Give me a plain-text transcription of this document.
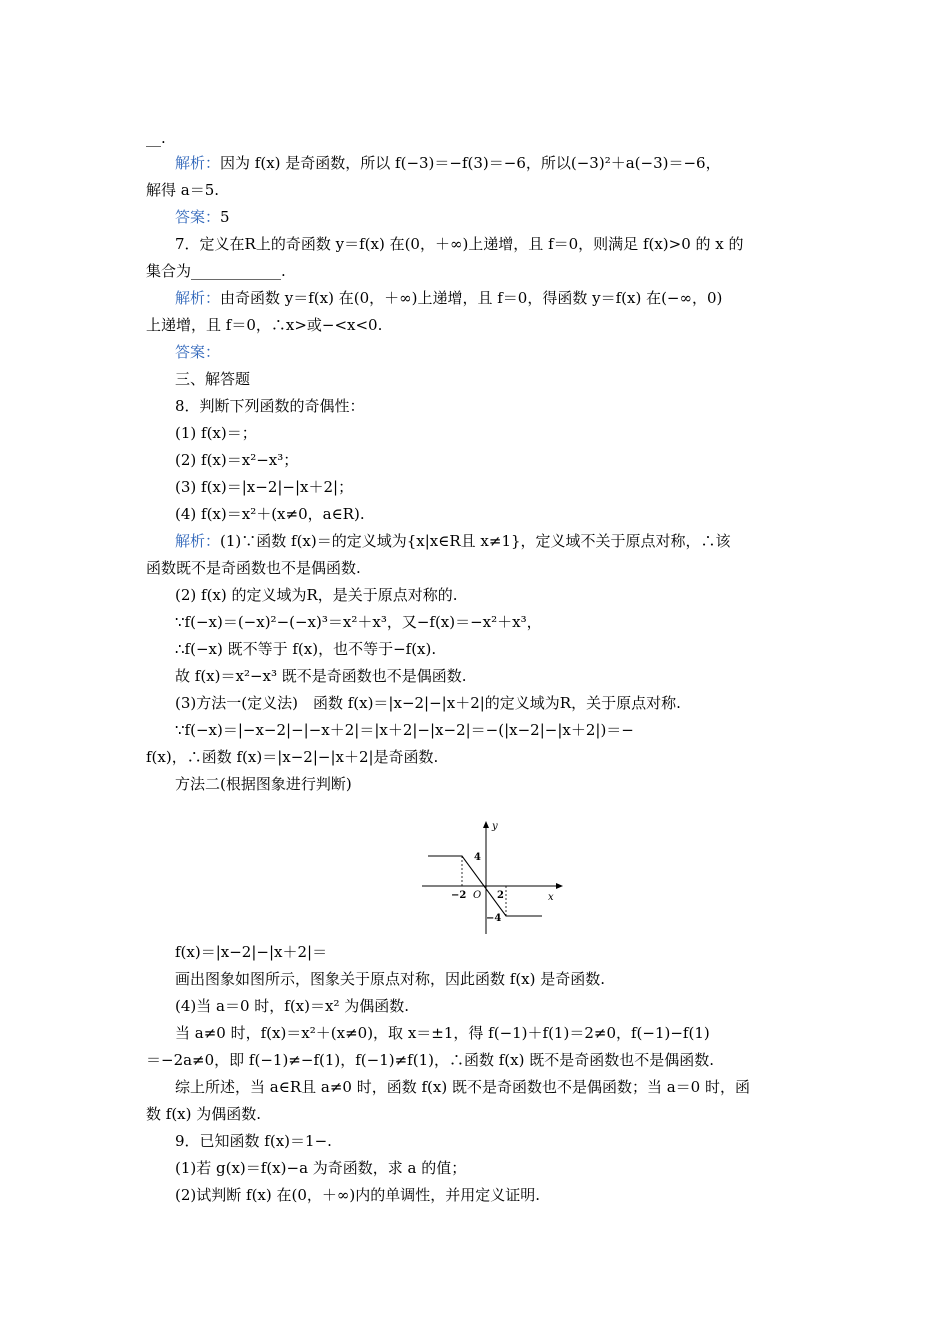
__.
解析：因为 f(x) 是奇函数，所以 f(−3)＝−f(3)＝−6，所以(−3)²＋a(−3)＝−6，
解得 a＝5.
答案：5
7．定义在R上的奇函数 y＝f(x) 在(0，＋∞)上递增，且 f＝0，则满足 f(x)>0 的 x 的
集合为____________.
解析：由奇函数 y＝f(x) 在(0，＋∞)上递增，且 f＝0，得函数 y＝f(x) 在(−∞，0)
上递增，且 f＝0，∴x>或−<x<0.
答案：
三、解答题
8．判断下列函数的奇偶性：
(1) f(x)＝；
(2) f(x)＝x²−x³；
(3) f(x)＝|x−2|−|x＋2|；
(4) f(x)＝x²＋(x≠0，a∈R).
解析：(1)∵函数 f(x)＝的定义域为{x|x∈R且 x≠1}，定义域不关于原点对称，∴该
函数既不是奇函数也不是偶函数.
(2) f(x) 的定义域为R，是关于原点对称的.
∵f(−x)＝(−x)²−(−x)³＝x²＋x³，又−f(x)＝−x²＋x³，
∴f(−x) 既不等于 f(x)，也不等于−f(x).
故 f(x)＝x²−x³ 既不是奇函数也不是偶函数.
(3)方法一(定义法)　函数 f(x)＝|x−2|−|x＋2|的定义域为R，关于原点对称.
∵f(−x)＝|−x−2|−|−x＋2|＝|x＋2|−|x−2|＝−(|x−2|−|x＋2|)＝−
f(x)，∴函数 f(x)＝|x−2|−|x＋2|是奇函数.
方法二(根据图象进行判断)
y
x
O
−2	2
4
−4
f(x)＝|x−2|−|x＋2|＝
画出图象如图所示，图象关于原点对称，因此函数 f(x) 是奇函数.
(4)当 a＝0 时，f(x)＝x² 为偶函数.
当 a≠0 时，f(x)＝x²＋(x≠0)，取 x＝±1，得 f(−1)＋f(1)＝2≠0，f(−1)−f(1)
＝−2a≠0，即 f(−1)≠−f(1)，f(−1)≠f(1)，∴函数 f(x) 既不是奇函数也不是偶函数.
综上所述，当 a∈R且 a≠0 时，函数 f(x) 既不是奇函数也不是偶函数；当 a＝0 时，函
数 f(x) 为偶函数.
9．已知函数 f(x)＝1−.
(1)若 g(x)＝f(x)−a 为奇函数，求 a 的值；
(2)试判断 f(x) 在(0，＋∞)内的单调性，并用定义证明.
